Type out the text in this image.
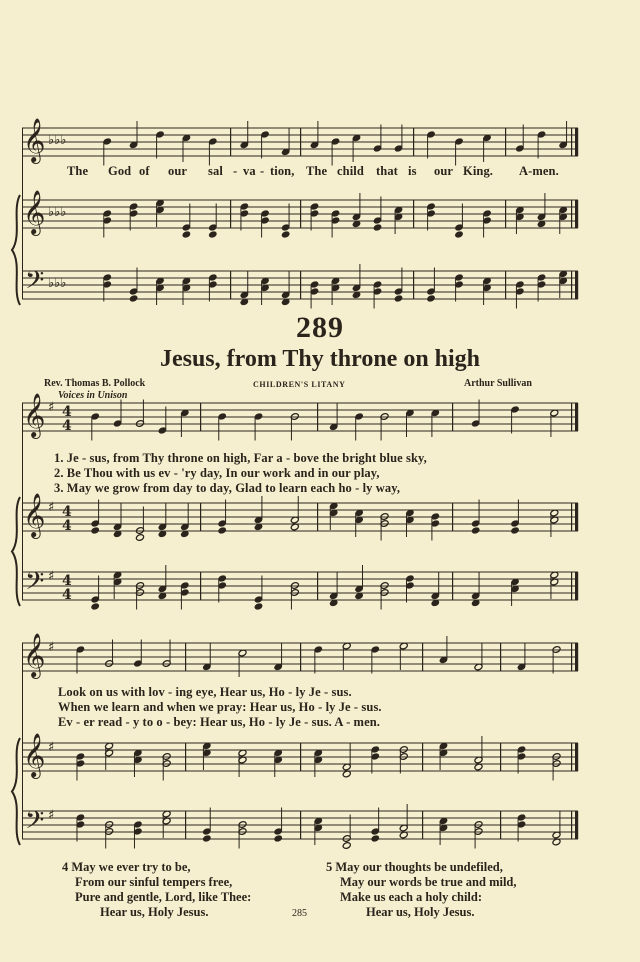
𝄞 ♭♭♭
𝄞 ♭♭♭
𝄢 ♭♭♭
𝄞 ♯ 4
4
𝄞 ♯ 4
4
𝄢 ♯ 4
4
𝄞 ♯
𝄞 ♯
𝄢 ♯
The God of our sal - va - tion, The child that is our King. A-men.
289
Jesus, from Thy throne on high
Rev. Thomas B. Pollock	CHILDREN'S LITANY	Arthur Sullivan
Voices in Unison
1. Je - sus, from Thy throne on high, Far a - bove the bright blue sky,
2. Be Thou with us ev - 'ry day, In our work and in our play,
3. May we grow from day to day, Glad to learn each ho - ly way,
Look on us with lov - ing eye, Hear us, Ho - ly Je - sus.
When we learn and when we pray: Hear us, Ho - ly Je - sus.
Ev - er read - y to o - bey: Hear us, Ho - ly Je - sus. A - men.
4 May we ever try to be,
From our sinful tempers free,
Pure and gentle, Lord, like Thee:
Hear us, Holy Jesus.
5 May our thoughts be undefiled,
May our words be true and mild,
Make us each a holy child:
Hear us, Holy Jesus.
285
